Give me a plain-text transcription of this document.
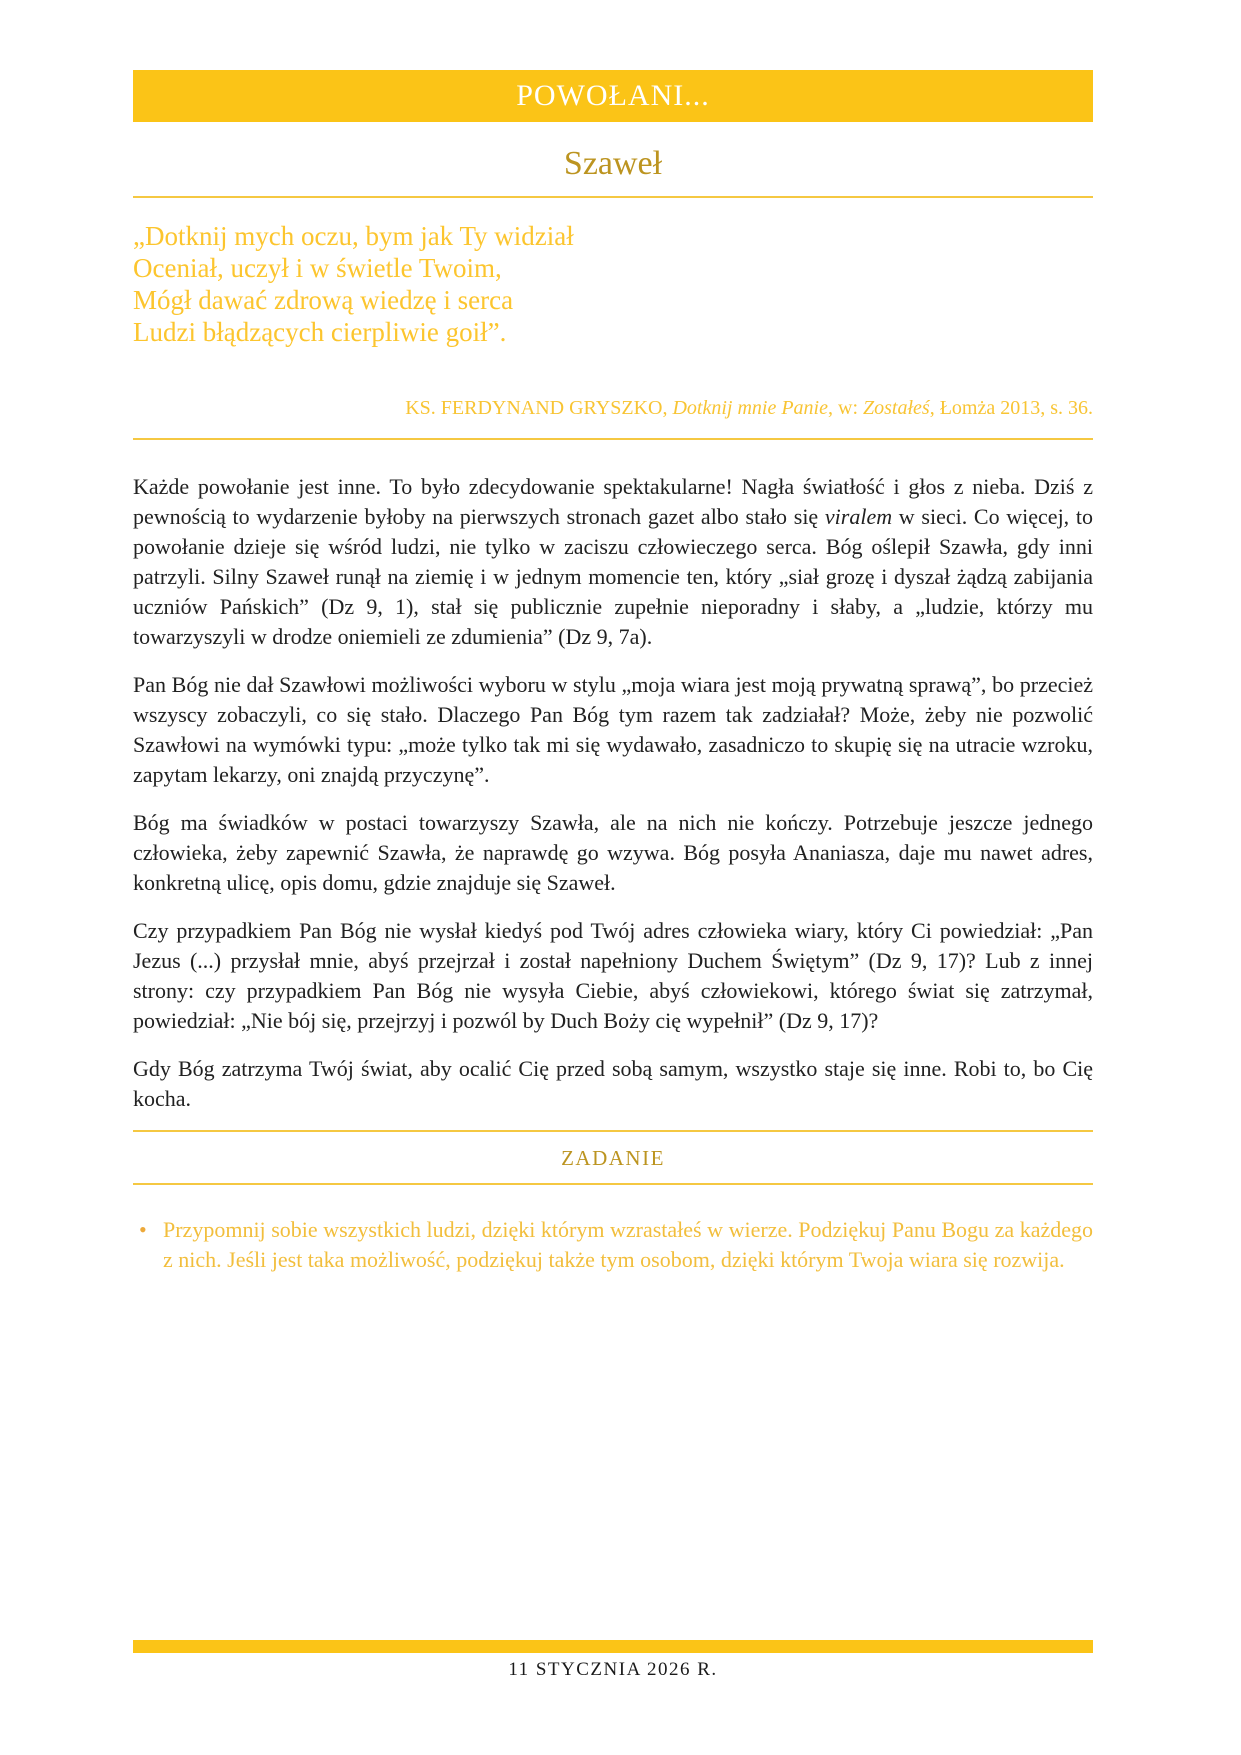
POWOŁANI...
Szaweł
„Dotknij mych oczu, bym jak Ty widział
Oceniał, uczył i w świetle Twoim,
Mógł dawać zdrową wiedzę i serca
Ludzi błądzących cierpliwie goił”.
KS. FERDYNAND GRYSZKO, Dotknij mnie Panie, w: Zostałeś, Łomża 2013, s. 36.

Każde powołanie jest inne. To było zdecydowanie spektakularne! Nagła światłość i głos z nieba. Dziś z pewnością to wydarzenie byłoby na pierwszych stronach gazet albo stało się viralem w sieci. Co więcej, to powołanie dzieje się wśród ludzi, nie tylko w zaciszu człowieczego serca. Bóg oślepił Szawła, gdy inni patrzyli. Silny Szaweł runął na ziemię i w jednym momencie ten, który „siał grozę i dyszał żądzą zabijania uczniów Pańskich” (Dz 9, 1), stał się publicznie zupełnie nieporadny i słaby, a „ludzie, którzy mu towarzyszyli w drodze oniemieli ze zdumienia” (Dz 9, 7a).

Pan Bóg nie dał Szawłowi możliwości wyboru w stylu „moja wiara jest moją prywatną sprawą”, bo przecież wszyscy zobaczyli, co się stało. Dlaczego Pan Bóg tym razem tak zadziałał? Może, żeby nie pozwolić Szawłowi na wymówki typu: „może tylko tak mi się wydawało, zasadniczo to skupię się na utracie wzroku, zapytam lekarzy, oni znajdą przyczynę”.

Bóg ma świadków w postaci towarzyszy Szawła, ale na nich nie kończy. Potrzebuje jeszcze jednego człowieka, żeby zapewnić Szawła, że naprawdę go wzywa. Bóg posyła Ananiasza, daje mu nawet adres, konkretną ulicę, opis domu, gdzie znajduje się Szaweł.

Czy przypadkiem Pan Bóg nie wysłał kiedyś pod Twój adres człowieka wiary, który Ci powiedział: „Pan Jezus (...) przysłał mnie, abyś przejrzał i został napełniony Duchem Świętym” (Dz 9, 17)? Lub z innej strony: czy przypadkiem Pan Bóg nie wysyła Ciebie, abyś człowiekowi, którego świat się zatrzymał, powiedział: „Nie bój się, przejrzyj i pozwól by Duch Boży cię wypełnił” (Dz 9, 17)?

Gdy Bóg zatrzyma Twój świat, aby ocalić Cię przed sobą samym, wszystko staje się inne. Robi to, bo Cię kocha.

ZADANIE
• Przypomnij sobie wszystkich ludzi, dzięki którym wzrastałeś w wierze. Podziękuj Panu Bogu za każdego z nich. Jeśli jest taka możliwość, podziękuj także tym osobom, dzięki którym Twoja wiara się rozwija.
11 STYCZNIA 2026 R.
